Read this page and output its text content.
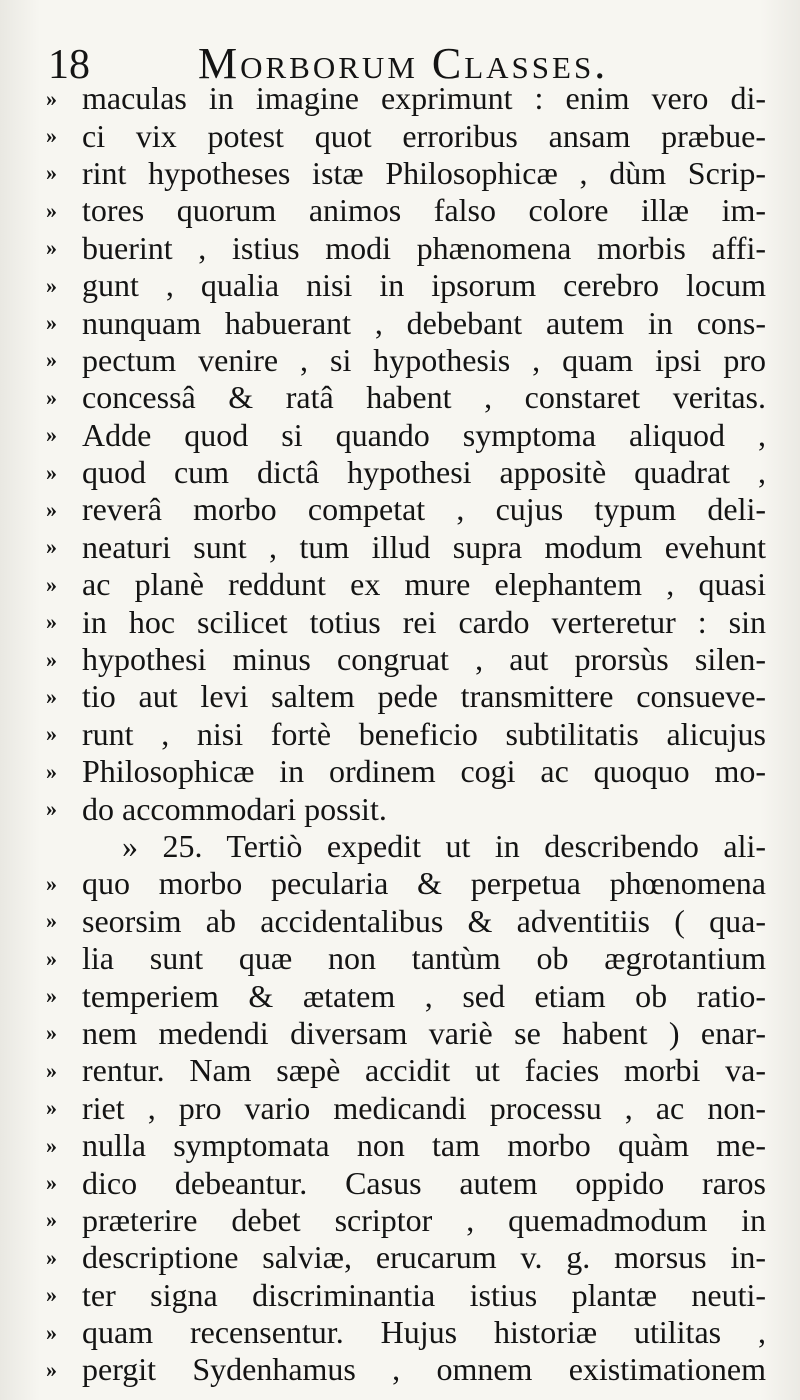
18 Morborum Classes.
» maculas in imagine exprimunt : enim vero di-
» ci vix potest quot erroribus ansam præbue-
» rint hypotheses istæ Philosophicæ , dùm Scrip-
» tores quorum animos falso colore illæ im-
» buerint , istius modi phænomena morbis affi-
» gunt , qualia nisi in ipsorum cerebro locum
» nunquam habuerant , debebant autem in cons-
» pectum venire , si hypothesis , quam ipsi pro
» concessâ & ratâ habent , constaret veritas.
» Adde quod si quando symptoma aliquod ,
» quod cum dictâ hypothesi appositè quadrat ,
» reverâ morbo competat , cujus typum deli-
» neaturi sunt , tum illud supra modum evehunt
» ac planè reddunt ex mure elephantem , quasi
» in hoc scilicet totius rei cardo verteretur : sin
» hypothesi minus congruat , aut prorsùs silen-
» tio aut levi saltem pede transmittere consueve-
» runt , nisi fortè beneficio subtilitatis alicujus
» Philosophicæ in ordinem cogi ac quoquo mo-
» do accommodari possit.
» 25. Tertiò expedit ut in describendo ali-
» quo morbo pecularia & perpetua phœnomena
» seorsim ab accidentalibus & adventitiis ( qua-
» lia sunt quæ non tantùm ob ægrotantium
» temperiem & ætatem , sed etiam ob ratio-
» nem medendi diversam variè se habent ) enar-
» rentur. Nam sæpè accidit ut facies morbi va-
» riet , pro vario medicandi processu , ac non-
» nulla symptomata non tam morbo quàm me-
» dico debeantur. Casus autem oppido raros
» præterire debet scriptor , quemadmodum in
» descriptione salviæ, erucarum v. g. morsus in-
» ter signa discriminantia istius plantæ neuti-
» quam recensentur. Hujus historiæ utilitas ,
» pergit Sydenhamus , omnem existimationem
